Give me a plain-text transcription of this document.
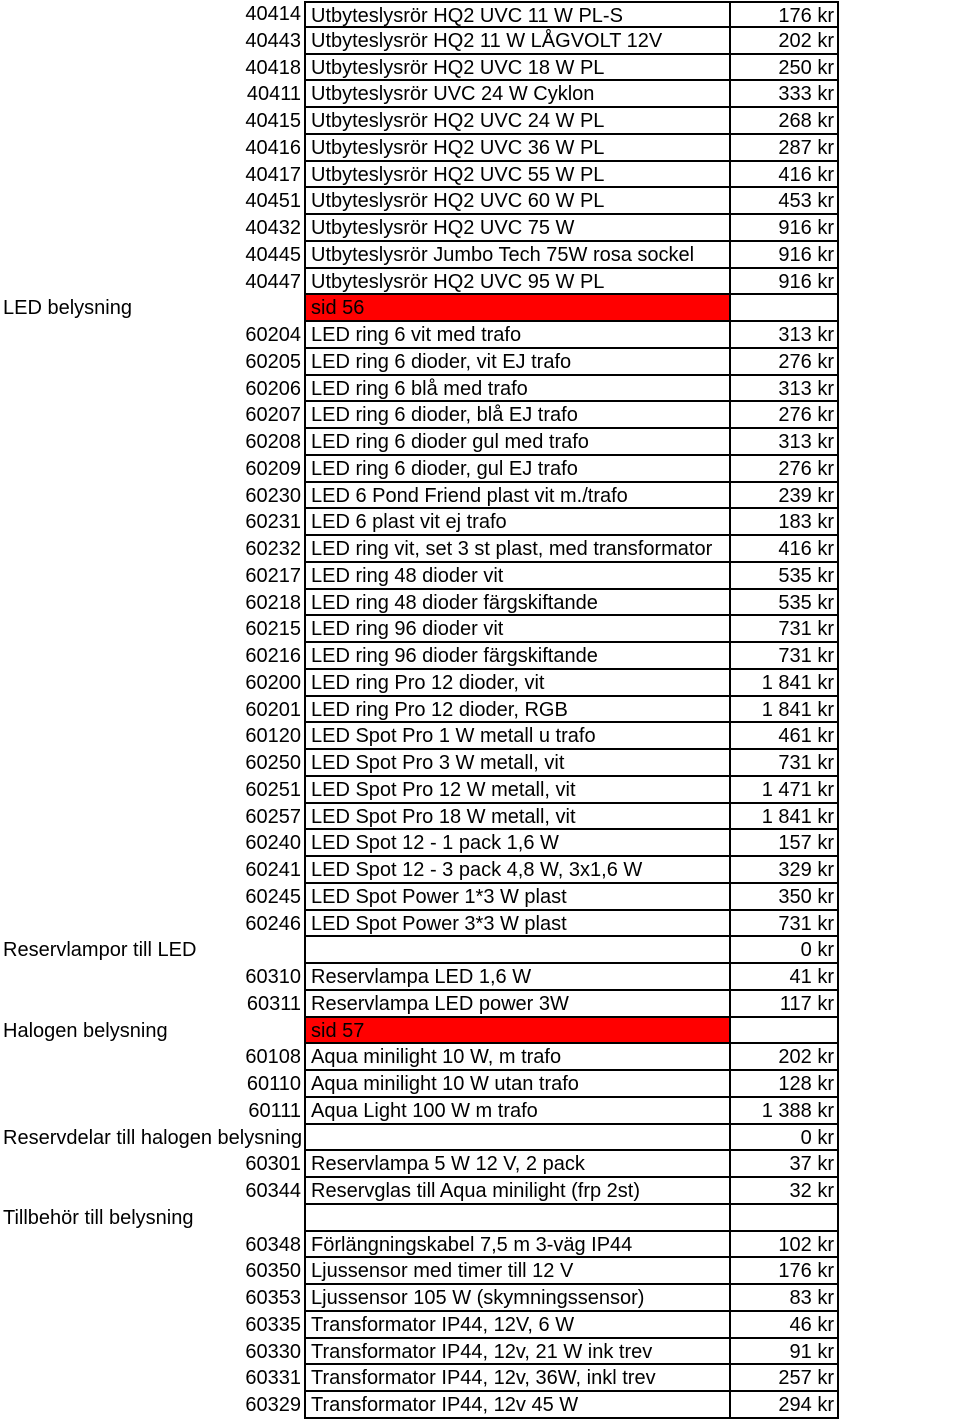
40414 Utbyteslysrör HQ2 UVC 11 W PL-S	176 kr
40443 Utbyteslysrör HQ2 11 W LÅGVOLT 12V	202 kr
40418 Utbyteslysrör HQ2 UVC 18 W PL	250 kr
40411 Utbyteslysrör UVC 24 W Cyklon	333 kr
40415 Utbyteslysrör HQ2 UVC 24 W PL	268 kr
40416 Utbyteslysrör HQ2 UVC 36 W PL	287 kr
40417 Utbyteslysrör HQ2 UVC 55 W PL	416 kr
40451 Utbyteslysrör HQ2 UVC 60 W PL	453 kr
40432 Utbyteslysrör HQ2 UVC 75 W	916 kr
40445 Utbyteslysrör Jumbo Tech 75W rosa sockel	916 kr
40447 Utbyteslysrör HQ2 UVC 95 W PL	916 kr
LED belysning	sid 56
60204 LED ring 6 vit med trafo	313 kr
60205 LED ring 6 dioder, vit EJ trafo	276 kr
60206 LED ring 6 blå med trafo	313 kr
60207 LED ring 6 dioder, blå EJ trafo	276 kr
60208 LED ring 6 dioder gul med trafo	313 kr
60209 LED ring 6 dioder, gul EJ trafo	276 kr
60230 LED 6 Pond Friend plast vit m./trafo	239 kr
60231 LED 6 plast vit ej trafo	183 kr
60232 LED ring vit, set 3 st plast, med transformator	416 kr
60217 LED ring 48 dioder vit	535 kr
60218 LED ring 48 dioder färgskiftande	535 kr
60215 LED ring 96 dioder vit	731 kr
60216 LED ring 96 dioder färgskiftande	731 kr
60200 LED ring Pro 12 dioder, vit	1 841 kr
60201 LED ring Pro 12 dioder, RGB	1 841 kr
60120 LED Spot Pro 1 W metall u trafo	461 kr
60250 LED Spot Pro 3 W metall, vit	731 kr
60251 LED Spot Pro 12 W metall, vit	1 471 kr
60257 LED Spot Pro 18 W metall, vit	1 841 kr
60240 LED Spot 12 - 1 pack 1,6 W	157 kr
60241 LED Spot 12 - 3 pack 4,8 W, 3x1,6 W	329 kr
60245 LED Spot Power 1*3 W plast	350 kr
60246 LED Spot Power 3*3 W plast	731 kr
Reservlampor till LED	0 kr
60310 Reservlampa LED 1,6 W	41 kr
60311 Reservlampa LED power 3W	117 kr
Halogen belysning	sid 57
60108 Aqua minilight 10 W, m trafo	202 kr
60110 Aqua minilight 10 W utan trafo	128 kr
60111 Aqua Light 100 W m trafo	1 388 kr
Reservdelar till halogen belysning	0 kr
60301 Reservlampa 5 W 12 V, 2 pack	37 kr
60344 Reservglas till Aqua minilight (frp 2st)	32 kr
Tillbehör till belysning
60348 Förlängningskabel 7,5 m 3-väg IP44	102 kr
60350 Ljussensor med timer till 12 V	176 kr
60353 Ljussensor 105 W (skymningssensor)	83 kr
60335 Transformator IP44, 12V, 6 W	46 kr
60330 Transformator IP44, 12v, 21 W ink trev	91 kr
60331 Transformator IP44, 12v, 36W, inkl trev	257 kr
60329 Transformator IP44, 12v 45 W	294 kr
